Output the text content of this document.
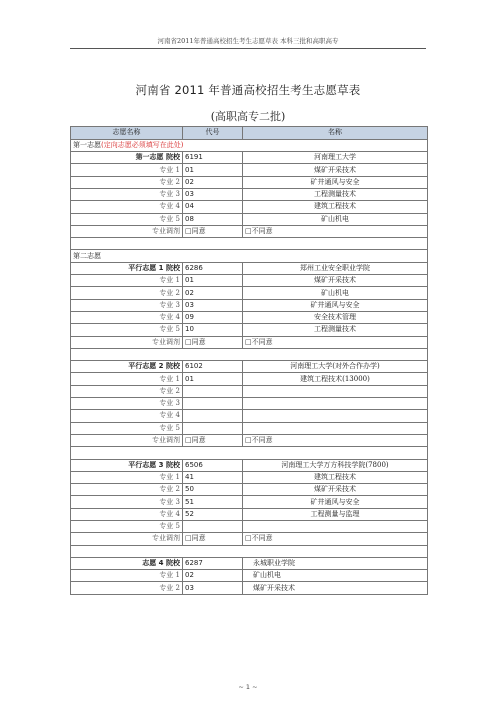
河南省2011年普通高校招生考生志愿草表 本科三批和高职高专
河南省 2011 年普通高校招生考生志愿草表
(高职高专二批)
志愿名称	代号	名称
第一志愿(定向志愿必须填写在此处)		
第一志愿 院校	6191	河南理工大学
专业 1	01	煤矿开采技术
专业 2	02	矿井通风与安全
专业 3	03	工程测量技术
专业 4	04	建筑工程技术
专业 5	08	矿山机电
专业调剂	□同意	□不同意

第二志愿		
平行志愿 1 院校	6286	郑州工业安全职业学院
专业 1	01	煤矿开采技术
专业 2	02	矿山机电
专业 3	03	矿井通风与安全
专业 4	09	安全技术管理
专业 5	10	工程测量技术
专业调剂	□同意	□不同意

平行志愿 2 院校	6102	河南理工大学(对外合作办学)
专业 1	01	建筑工程技术(13000)
专业 2		
专业 3		
专业 4		
专业 5		
专业调剂	□同意	□不同意

平行志愿 3 院校	6506	河南理工大学万方科技学院(7800)
专业 1	41	建筑工程技术
专业 2	50	煤矿开采技术
专业 3	51	矿井通风与安全
专业 4	52	工程测量与监理
专业 5		
专业调剂	□同意	□不同意

志愿 4 院校	6287	永城职业学院
专业 1	02	矿山机电
专业 2	03	煤矿开采技术
~ 1 ~
